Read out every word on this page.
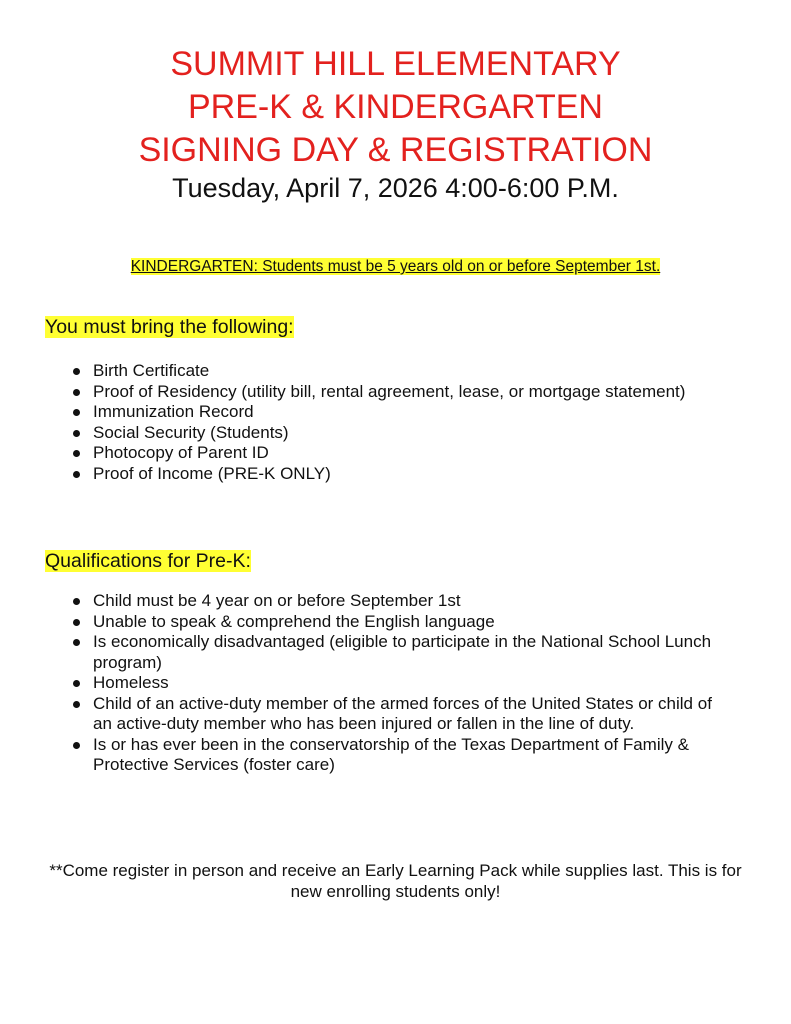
SUMMIT HILL ELEMENTARY
PRE-K & KINDERGARTEN
SIGNING DAY & REGISTRATION
Tuesday, April 7, 2026 4:00-6:00 P.M.
KINDERGARTEN: Students must be 5 years old on or before September 1st.
You must bring the following:
Birth Certificate
Proof of Residency (utility bill, rental agreement, lease, or mortgage statement)
Immunization Record
Social Security (Students)
Photocopy of Parent ID
Proof of Income (PRE-K ONLY)
Qualifications for Pre-K:
Child must be 4 year on or before September 1st
Unable to speak & comprehend the English language
Is economically disadvantaged (eligible to participate in the National School Lunch program)
Homeless
Child of an active-duty member of the armed forces of the United States or child of an active-duty member who has been injured or fallen in the line of duty.
Is or has ever been in the conservatorship of the Texas Department of Family & Protective Services (foster care)
**Come register in person and receive an Early Learning Pack while supplies last. This is for new enrolling students only!
